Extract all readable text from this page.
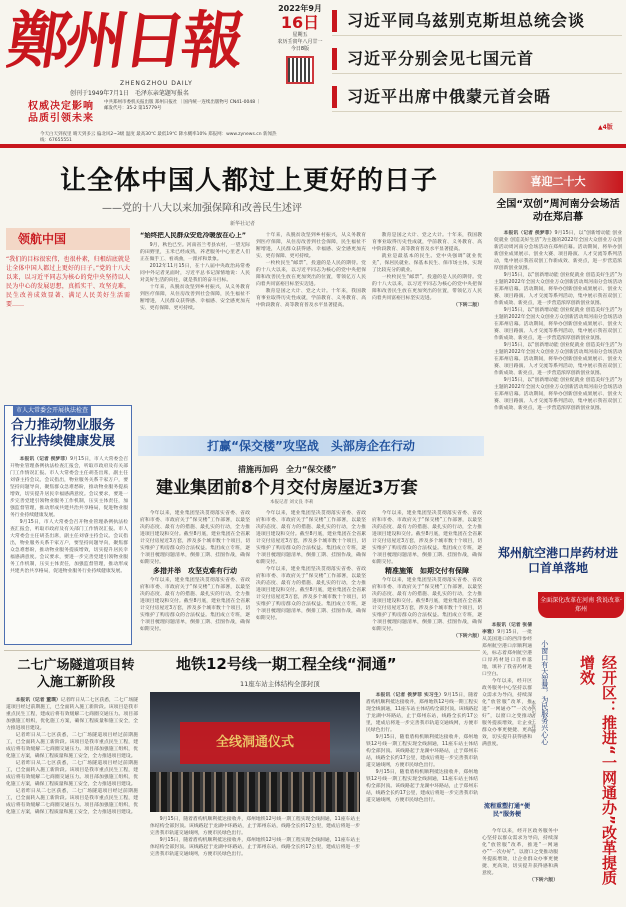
鄭州日報
ZHENGZHOU DAILY
创刊于1949年7月1日　毛泽东亲笔题写报名
权威决定影响
品质引领未来
中共郑州市委机关报出版 郑州日报社 ｜国内统一连续出版物号 CN41-0048 ｜邮发代号：35-2 第15779号
2022年9月
16日
星期五
农历壬寅年八月廿一
今日8版
习近平同乌兹别克斯坦总统会谈
习近平分别会见七国元首
习近平出席中俄蒙元首会晤
▲4版
今天白天到夜里 晴天到多云 偏北风2~3级 温度 最高30℃ 最低19℃ 降水概率10% 郑报网：www.zynews.cn 新闻热线：67655551
让全体中国人都过上更好的日子
——党的十八大以来加强保障和改善民生述评
新华社记者
领航中国
“我们的目标很宏伟，也很朴素，归根结底就是让全体中国人都过上更好的日子。”党的十八大以来，以习近平同志为核心的党中央坚持以人民为中心的发展思想，真抓实干、攻坚克难，民生改善成效显著、满足人民美好生活需要……
“始终把人民群众安危冷暖放在心上”

9月，秋色已至。河南省兰考县农村，一望无际的田野里，玉米已经成熟，养老服务中心里老人们正在做手工、看戏曲，一派祥和景象。

2012年11月15日，在十八届中央政治局常委同中外记者见面时，习近平总书记深情地说：人民对美好生活的向往，就是我们的奋斗目标。

十年来，从脱贫攻坚到乡村振兴，从义务教育到医疗保障，从住房改善到社会保障，民生福祉不断增进，人民群众获得感、幸福感、安全感更加充实、更有保障、更可持续。

十年来，从脱贫攻坚到乡村振兴，从义务教育到医疗保障，从住房改善到社会保障，民生福祉不断增进，人民群众获得感、幸福感、安全感更加充实、更有保障、更可持续。

一枚枚民生“邮票”，投递的是人民的期待。党的十八大以来，以习近平同志为核心的党中央把保障和改善民生放在更加突出的位置，带领亿万人民向着共同富裕目标坚实迈进。

教育是国之大计、党之大计。十年来，我国教育事业取得历史性成就，学前教育、义务教育、高中阶段教育、高等教育普及水平显著提高。

教育是国之大计、党之大计。十年来，我国教育事业取得历史性成就，学前教育、义务教育、高中阶段教育、高等教育普及水平显著提高。

就业是最基本的民生。党中央强调“就业优先”，保居民就业、保基本民生、保市场主体，实现了比较充分的就业。

一枚枚民生“邮票”，投递的是人民的期待。党的十八大以来，以习近平同志为核心的党中央把保障和改善民生放在更加突出的位置，带领亿万人民向着共同富裕目标坚实迈进。

（下转二版）

市人大常委会开展执法检查
合力推动物业服务行业持续健康发展

本报讯（记者 侯梦菲）9月15日，市人大常委会召开物业管理条例执法检查汇报会，听取市政府及有关部门工作情况汇报。市人大常委会主任胡荃出席，副主任刘睿主持会议。会议指出，物业服务关系千家万户，要坚持问题导向，聚焦群众急难愁盼，推动物业服务提质增效，切实提升居民幸福感满意度。会议要求，要进一步完善党建引领物业服务工作机制，压实主体责任，加强监督管理，推动形成共建共治共享格局，促进物业服务行业持续健康发展。

9月15日，市人大常委会召开物业管理条例执法检查汇报会，听取市政府及有关部门工作情况汇报。市人大常委会主任胡荃出席，副主任刘睿主持会议。会议指出，物业服务关系千家万户，要坚持问题导向，聚焦群众急难愁盼，推动物业服务提质增效，切实提升居民幸福感满意度。会议要求，要进一步完善党建引领物业服务工作机制，压实主体责任，加强监督管理，推动形成共建共治共享格局，促进物业服务行业持续健康发展。

打赢“保交楼”攻坚战　头部房企在行动
措施再加码　全力“保交楼”
建业集团前8个月交付房屋近3万套
本报记者 刘文良 李莉

今年以来，建业集团坚决贯彻落实省委、省政府和市委、市政府关于“保交楼”工作部署，以最坚决的态度、最有力的措施、最扎实的行动，全力推进项目建设和交付。截至8月底，建业集团在全省累计交付房屋近3万套，涉及多个城市数十个项目，切实维护了购房群众的合法权益。集团成立专班，逐个项目梳理问题清单，倒排工期、挂图作战，确保如期交付。

多措并举　攻坚克难有行动

今年以来，建业集团坚决贯彻落实省委、省政府和市委、市政府关于“保交楼”工作部署，以最坚决的态度、最有力的措施、最扎实的行动，全力推进项目建设和交付。截至8月底，建业集团在全省累计交付房屋近3万套，涉及多个城市数十个项目，切实维护了购房群众的合法权益。集团成立专班，逐个项目梳理问题清单，倒排工期、挂图作战，确保如期交付。

今年以来，建业集团坚决贯彻落实省委、省政府和市委、市政府关于“保交楼”工作部署，以最坚决的态度、最有力的措施、最扎实的行动，全力推进项目建设和交付。截至8月底，建业集团在全省累计交付房屋近3万套，涉及多个城市数十个项目，切实维护了购房群众的合法权益。集团成立专班，逐个项目梳理问题清单，倒排工期、挂图作战，确保如期交付。

今年以来，建业集团坚决贯彻落实省委、省政府和市委、市政府关于“保交楼”工作部署，以最坚决的态度、最有力的措施、最扎实的行动，全力推进项目建设和交付。截至8月底，建业集团在全省累计交付房屋近3万套，涉及多个城市数十个项目，切实维护了购房群众的合法权益。集团成立专班，逐个项目梳理问题清单，倒排工期、挂图作战，确保如期交付。

今年以来，建业集团坚决贯彻落实省委、省政府和市委、市政府关于“保交楼”工作部署，以最坚决的态度、最有力的措施、最扎实的行动，全力推进项目建设和交付。截至8月底，建业集团在全省累计交付房屋近3万套，涉及多个城市数十个项目，切实维护了购房群众的合法权益。集团成立专班，逐个项目梳理问题清单，倒排工期、挂图作战，确保如期交付。

精准施策　如期交付有保障

今年以来，建业集团坚决贯彻落实省委、省政府和市委、市政府关于“保交楼”工作部署，以最坚决的态度、最有力的措施、最扎实的行动，全力推进项目建设和交付。截至8月底，建业集团在全省累计交付房屋近3万套，涉及多个城市数十个项目，切实维护了购房群众的合法权益。集团成立专班，逐个项目梳理问题清单，倒排工期、挂图作战，确保如期交付。

（下转六版）

喜迎二十大
全国“双创”周河南分会场活动在郑启幕

本报讯（记者 侯梦菲）9月15日，以“创新增动能 创业促就业 创造美好生活”为主题的2022年全国大众创业万众创新活动周河南分会场活动在郑州启幕。活动期间，将举办创新创业成果展示、创业大赛、项目路演、人才交流等系列活动，集中展示我省双创工作新成效、新亮点，进一步营造浓厚创新创业氛围。

9月15日，以“创新增动能 创业促就业 创造美好生活”为主题的2022年全国大众创业万众创新活动周河南分会场活动在郑州启幕。活动期间，将举办创新创业成果展示、创业大赛、项目路演、人才交流等系列活动，集中展示我省双创工作新成效、新亮点，进一步营造浓厚创新创业氛围。

9月15日，以“创新增动能 创业促就业 创造美好生活”为主题的2022年全国大众创业万众创新活动周河南分会场活动在郑州启幕。活动期间，将举办创新创业成果展示、创业大赛、项目路演、人才交流等系列活动，集中展示我省双创工作新成效、新亮点，进一步营造浓厚创新创业氛围。

9月15日，以“创新增动能 创业促就业 创造美好生活”为主题的2022年全国大众创业万众创新活动周河南分会场活动在郑州启幕。活动期间，将举办创新创业成果展示、创业大赛、项目路演、人才交流等系列活动，集中展示我省双创工作新成效、新亮点，进一步营造浓厚创新创业氛围。

9月15日，以“创新增动能 创业促就业 创造美好生活”为主题的2022年全国大众创业万众创新活动周河南分会场活动在郑州启幕。活动期间，将举办创新创业成果展示、创业大赛、项目路演、人才交流等系列活动，集中展示我省双创工作新成效、新亮点，进一步营造浓厚创新创业氛围。

郑州航空港口岸药材进口首单落地
全面深化改革在河南 我说改革·郑州

本报讯（记者 张倩 李雅）9月15日，一批从美国进口的西洋参经郑州航空港口岸顺利通关，标志着郑州航空港口岸药材进口首单落地，填补了我省药材进口空白。

今年以来，经开区政务服务中心坚持以群众需求为导向，持续深化“放管服”改革，推进“一网通办”“一次办好”，以窗口之变推动服务提质增效，让企业群众办事更便捷、更高效，切实提升获得感和满意度。	小窗口有大智慧，为民服务兴心心
本报记者 王译博	经开区：推进“一网通办”改革提质增效
流程重塑打通“便民”服务梗

今年以来，经开区政务服务中心坚持以群众需求为导向，持续深化“放管服”改革，推进“一网通办”“一次办好”，以窗口之变推动服务提质增效，让企业群众办事更便捷、更高效，切实提升获得感和满意度。

（下转六版）

二七广场隧道项目转入施工新阶段

本报讯（记者 董璞）记者昨日从二七区获悉，二七广场隧道项目经过前期施工，已全面转入施工新阶段。该项目是我市重点民生工程，建成后将有效缓解二七商圈交通压力。项目部加强施工组织，优化施工方案，确保工程质量和施工安全，全力推进项目建设。

记者昨日从二七区获悉，二七广场隧道项目经过前期施工，已全面转入施工新阶段。该项目是我市重点民生工程，建成后将有效缓解二七商圈交通压力。项目部加强施工组织，优化施工方案，确保工程质量和施工安全，全力推进项目建设。

记者昨日从二七区获悉，二七广场隧道项目经过前期施工，已全面转入施工新阶段。该项目是我市重点民生工程，建成后将有效缓解二七商圈交通压力。项目部加强施工组织，优化施工方案，确保工程质量和施工安全，全力推进项目建设。

记者昨日从二七区获悉，二七广场隧道项目经过前期施工，已全面转入施工新阶段。该项目是我市重点民生工程，建成后将有效缓解二七商圈交通压力。项目部加强施工组织，优化施工方案，确保工程质量和施工安全，全力推进项目建设。

地铁12号线一期工程全线“洞通”
11座车站主体结构全部封顶
全线洞通仪式

9月15日，随着盾构机顺利抵达接收井，郑州地铁12号线一期工程实现全线洞通，11座车站主体结构全部封顶。该线路起于龙湖中环路站，止于郑州东站，线路全长约17公里，建成后将进一步完善我市轨道交通线网，方便市民绿色出行。

9月15日，随着盾构机顺利抵达接收井，郑州地铁12号线一期工程实现全线洞通，11座车站主体结构全部封顶。该线路起于龙湖中环路站，止于郑州东站，线路全长约17公里，建成后将进一步完善我市轨道交通线网，方便市民绿色出行。

本报讯（记者 侯梦菲 实习生）9月15日，随着盾构机顺利抵达接收井，郑州地铁12号线一期工程实现全线洞通，11座车站主体结构全部封顶。该线路起于龙湖中环路站，止于郑州东站，线路全长约17公里，建成后将进一步完善我市轨道交通线网，方便市民绿色出行。

9月15日，随着盾构机顺利抵达接收井，郑州地铁12号线一期工程实现全线洞通，11座车站主体结构全部封顶。该线路起于龙湖中环路站，止于郑州东站，线路全长约17公里，建成后将进一步完善我市轨道交通线网，方便市民绿色出行。

9月15日，随着盾构机顺利抵达接收井，郑州地铁12号线一期工程实现全线洞通，11座车站主体结构全部封顶。该线路起于龙湖中环路站，止于郑州东站，线路全长约17公里，建成后将进一步完善我市轨道交通线网，方便市民绿色出行。
